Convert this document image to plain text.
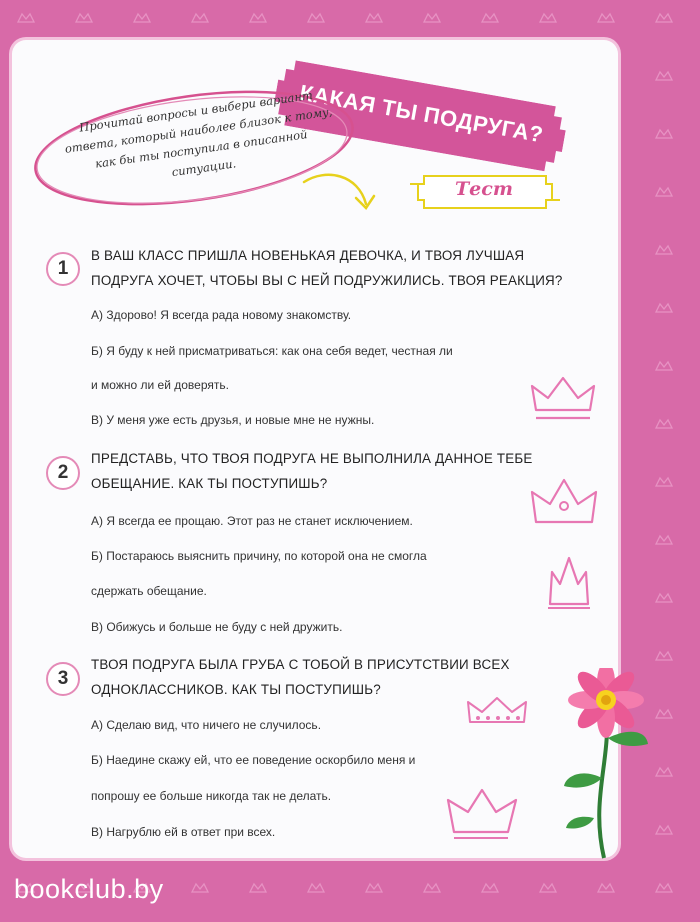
КАКАЯ ТЫ ПОДРУГА?
Прочитай вопросы и выбери вариант ответа, который наиболее близок к тому, как бы ты поступила в описанной ситуации.
Тест
1
В ВАШ КЛАСС ПРИШЛА НОВЕНЬКАЯ ДЕВОЧКА, И ТВОЯ ЛУЧШАЯ
ПОДРУГА ХОЧЕТ, ЧТОБЫ ВЫ С НЕЙ ПОДРУЖИЛИСЬ. ТВОЯ РЕАКЦИЯ?
А) Здорово! Я всегда рада новому знакомству.
Б) Я буду к ней присматриваться: как она себя ведет, честная ли
и можно ли ей доверять.
В) У меня уже есть друзья, и новые мне не нужны.
2
ПРЕДСТАВЬ, ЧТО ТВОЯ ПОДРУГА НЕ ВЫПОЛНИЛА ДАННОЕ ТЕБЕ
ОБЕЩАНИЕ. КАК ТЫ ПОСТУПИШЬ?
А) Я всегда ее прощаю. Этот раз не станет исключением.
Б) Постараюсь выяснить причину, по которой она не смогла
сдержать обещание.
В) Обижусь и больше не буду с ней дружить.
3
ТВОЯ ПОДРУГА БЫЛА ГРУБА С ТОБОЙ В ПРИСУТСТВИИ ВСЕХ
ОДНОКЛАССНИКОВ. КАК ТЫ ПОСТУПИШЬ?
А) Сделаю вид, что ничего не случилось.
Б) Наедине скажу ей, что ее поведение оскорбило меня и
попрошу ее больше никогда так не делать.
В) Нагрублю ей в ответ при всех.
bookclub.by
